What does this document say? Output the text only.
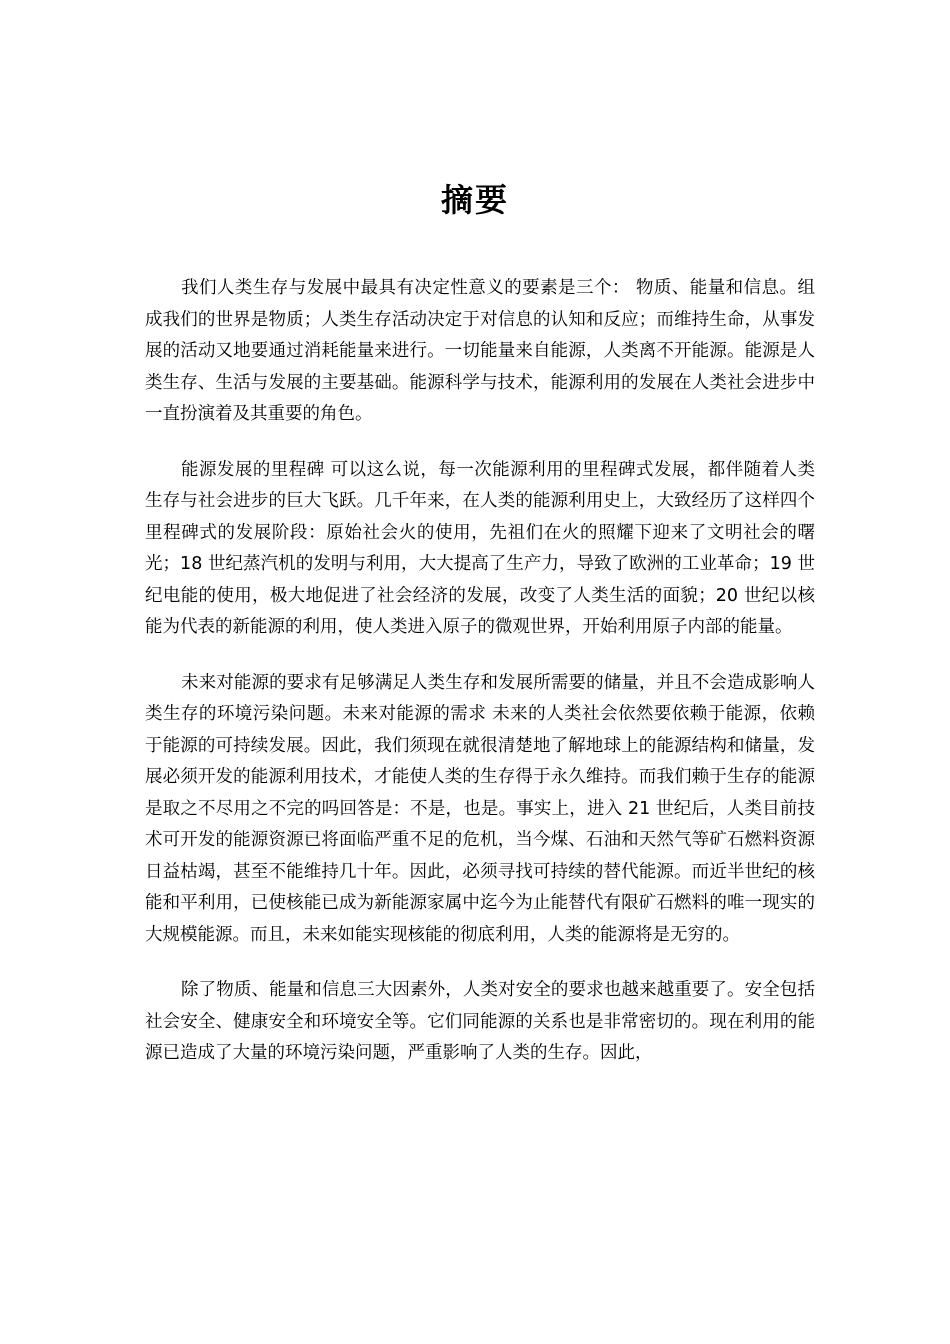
摘要

我们人类生存与发展中最具有决定性意义的要素是三个： 物质、能量和信息。组成我们的世界是物质；人类生存活动决定于对信息的认知和反应；而维持生命，从事发展的活动又地要通过消耗能量来进行。一切能量来自能源，人类离不开能源。能源是人类生存、生活与发展的主要基础。能源科学与技术，能源利用的发展在人类社会进步中一直扮演着及其重要的角色。

能源发展的里程碑 可以这么说，每一次能源利用的里程碑式发展，都伴随着人类生存与社会进步的巨大飞跃。几千年来，在人类的能源利用史上，大致经历了这样四个里程碑式的发展阶段：原始社会火的使用，先祖们在火的照耀下迎来了文明社会的曙光；18 世纪蒸汽机的发明与利用，大大提高了生产力，导致了欧洲的工业革命；19 世纪电能的使用，极大地促进了社会经济的发展，改变了人类生活的面貌；20 世纪以核能为代表的新能源的利用，使人类进入原子的微观世界，开始利用原子内部的能量。

未来对能源的要求有足够满足人类生存和发展所需要的储量，并且不会造成影响人类生存的环境污染问题。未来对能源的需求 未来的人类社会依然要依赖于能源，依赖于能源的可持续发展。因此，我们须现在就很清楚地了解地球上的能源结构和储量，发展必须开发的能源利用技术，才能使人类的生存得于永久维持。而我们赖于生存的能源是取之不尽用之不完的吗回答是：不是，也是。事实上，进入 21 世纪后，人类目前技术可开发的能源资源已将面临严重不足的危机，当今煤、石油和天然气等矿石燃料资源日益枯竭，甚至不能维持几十年。因此，必须寻找可持续的替代能源。而近半世纪的核能和平利用，已使核能已成为新能源家属中迄今为止能替代有限矿石燃料的唯一现实的大规模能源。而且，未来如能实现核能的彻底利用，人类的能源将是无穷的。

除了物质、能量和信息三大因素外，人类对安全的要求也越来越重要了。安全包括社会安全、健康安全和环境安全等。它们同能源的关系也是非常密切的。现在利用的能源已造成了大量的环境污染问题，严重影响了人类的生存。因此，
